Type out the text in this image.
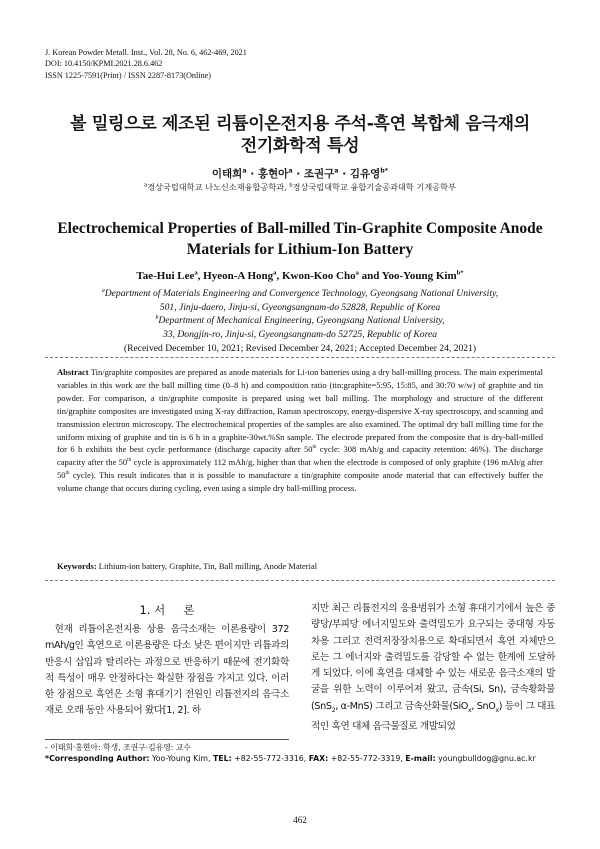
J. Korean Powder Metall. Inst., Vol. 28, No. 6, 462-469, 2021
DOI: 10.4150/KPMI.2021.28.6.462
ISSN 1225-7591(Print) / ISSN 2287-8173(Online)
볼 밀링으로 제조된 리튬이온전지용 주석-흑연 복합체 음극재의
전기화학적 특성
이태희$^a$ · 홍현아$^a$ · 조권구$^a$ · 김유영$^{b*}$
$^a$경상국립대학교 나노신소재융합공학과, $^b$경상국립대학교 융합기술공과대학 기계공학부
Electrochemical Properties of Ball-milled Tin-Graphite Composite Anode
Materials for Lithium-Ion Battery
Tae-Hui Lee$^a$, Hyeon-A Hong$^a$, Kwon-Koo Cho$^a$ and Yoo-Young Kim$^{b*}$
$^a$Department of Materials Engineering and Convergence Technology, Gyeongsang National University,
501, Jinju-daero, Jinju-si, Gyeongsangnam-do 52828, Republic of Korea
$^b$Department of Mechanical Engineering, Gyeongsang National University,
33, Dongjin-ro, Jinju-si, Gyeongsangnam-do 52725, Republic of Korea
(Received December 10, 2021; Revised December 24, 2021; Accepted December 24, 2021)
Abstract Tin/graphite composites are prepared as anode materials for Li-ion batteries using a dry ball-milling process. The main experimental variables in this work are the ball milling time (0–8 h) and composition ratio (tin:graphite=5:95, 15:85, and 30:70 w/w) of graphite and tin powder. For comparison, a tin/graphite composite is prepared using wet ball milling. The morphology and structure of the different tin/graphite composites are investigated using X-ray diffraction, Raman spectroscopy, energy-dispersive X-ray spectroscopy, and scanning and transmission electron microscopy. The electrochemical properties of the samples are also examined. The optimal dry ball milling time for the uniform mixing of graphite and tin is 6 h in a graphite-30wt.%Sn sample. The electrode prepared from the composite that is dry-ball-milled for 6 h exhibits the best cycle performance (discharge capacity after 50th cycle: 308 mAh/g and capacity retention: 46%). The discharge capacity after the 50th cycle is approximately 112 mAh/g, higher than that when the electrode is composed of only graphite (196 mAh/g after 50th cycle). This result indicates that it is possible to manufacture a tin/graphite composite anode material that can effectively buffer the volume change that occurs during cycling, even using a simple dry ball-milling process.
Keywords: Lithium-ion battery, Graphite, Tin, Ball milling, Anode Material
1. 서     론
현재 리튬이온전지용 상용 음극소재는 이론용량이 372 mAh/g인 흑연으로 이론용량은 다소 낮은 편이지만 리튬과의 반응시 삽입과 탈리라는 과정으로 반응하기 때문에 전기화학적 특성이 매우 안정하다는 확실한 장점을 가지고 있다. 이러한 장점으로 흑연은 소형 휴대기기 전원인 리튬전지의 음극소재로 오래 동안 사용되어 왔다[1, 2]. 하
지만 최근 리튬전지의 응용범위가 소형 휴대기기에서 높은 중량당/부피당 에너지밀도와 출력밀도가 요구되는 중대형 자동차용 그리고 전력저장장치용으로 확대되면서 흑연 자체만으로는 그 에너지와 출력밀도를 감당할 수 없는 한계에 도달하게 되었다. 이에 흑연을 대체할 수 있는 새로운 음극소재의 발굴을 위한 노력이 이루어져 왔고, 금속(Si, Sn), 금속황화물(SnS$_2$, α-MnS) 그리고 금속산화물(SiO$_x$, SnO$_x$) 등이 그 대표적인 흑연 대체 음극물질로 개발되었
- 이태희·홍현아: 학생, 조권구·김유영: 교수
*Corresponding Author: Yoo-Young Kim, TEL: +82-55-772-3316, FAX: +82-55-772-3319, E-mail: youngbulldog@gnu.ac.kr
462
